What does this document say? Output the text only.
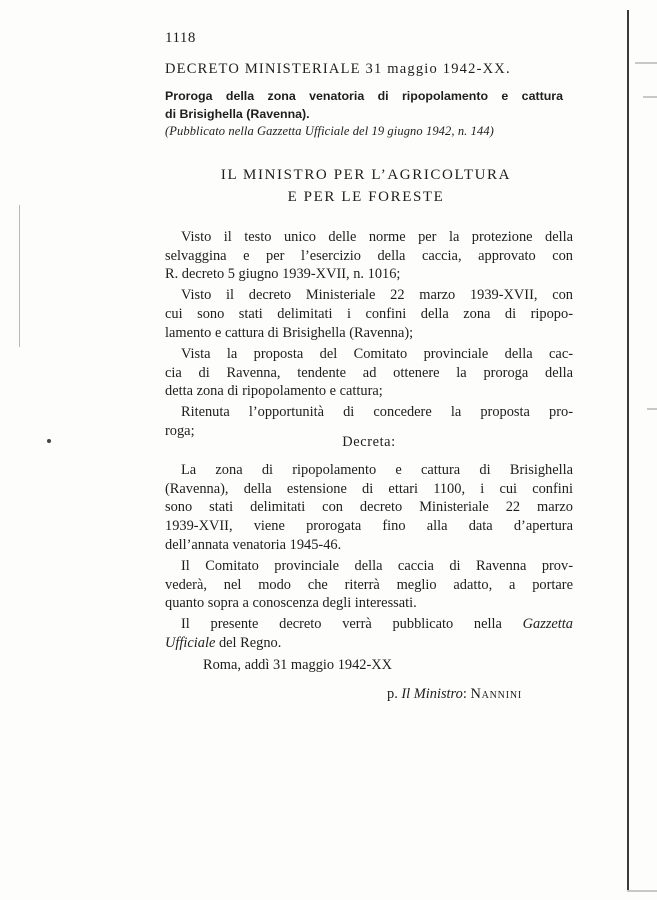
1118
DECRETO MINISTERIALE 31 maggio 1942-XX.
Proroga della zona venatoria di ripopolamento e cattura
di Brisighella (Ravenna).
(Pubblicato nella Gazzetta Ufficiale del 19 giugno 1942, n. 144)
IL MINISTRO PER L’AGRICOLTURA
E PER LE FORESTE

Visto il testo unico delle norme per la protezione della
selvaggina e per l’esercizio della caccia, approvato con
R. decreto 5 giugno 1939-XVII, n. 1016;

Visto il decreto Ministeriale 22 marzo 1939-XVII, con
cui sono stati delimitati i confini della zona di ripopo-
lamento e cattura di Brisighella (Ravenna);

Vista la proposta del Comitato provinciale della cac-
cia di Ravenna, tendente ad ottenere la proroga della
detta zona di ripopolamento e cattura;

Ritenuta l’opportunità di concedere la proposta pro-
roga;

Decreta:

La zona di ripopolamento e cattura di Brisighella
(Ravenna), della estensione di ettari 1100, i cui confini
sono stati delimitati con decreto Ministeriale 22 marzo
1939-XVII, viene prorogata fino alla data d’apertura
dell’annata venatoria 1945-46.

Il Comitato provinciale della caccia di Ravenna prov-
vederà, nel modo che riterrà meglio adatto, a portare
quanto sopra a conoscenza degli interessati.

Il presente decreto verrà pubblicato nella Gazzetta
Ufficiale del Regno.

Roma, addì 31 maggio 1942-XX
p. Il Ministro: Nannini
